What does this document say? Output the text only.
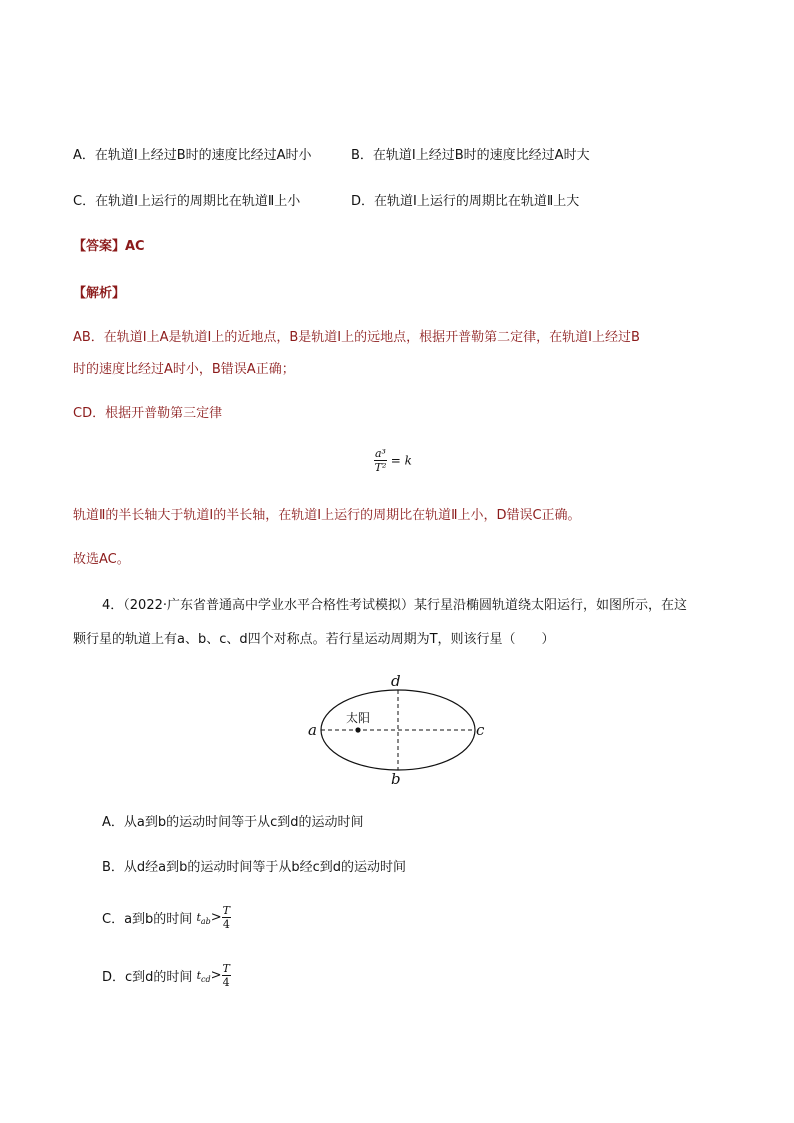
A．在轨道Ⅰ上经过B时的速度比经过A时小	B．在轨道Ⅰ上经过B时的速度比经过A时大
C．在轨道Ⅰ上运行的周期比在轨道Ⅱ上小	D．在轨道I上运行的周期比在轨道Ⅱ上大
【答案】AC
【解析】
AB．在轨道Ⅰ上A是轨道Ⅰ上的近地点，B是轨道Ⅰ上的远地点，根据开普勒第二定律，在轨道Ⅰ上经过B
时的速度比经过A时小，B错误A正确；
CD．根据开普勒第三定律
$\frac{\text{a³}}{\text{T²}} = k$
轨道Ⅱ的半长轴大于轨道Ⅰ的半长轴，在轨道Ⅰ上运行的周期比在轨道Ⅱ上小，D错误C正确。
故选AC。
4．（2022·广东省普通高中学业水平合格性考试模拟）某行星沿椭圆轨道绕太阳运行，如图所示，在这
颗行星的轨道上有a、b、c、d四个对称点。若行星运动周期为T，则该行星（　　）
太阳
d
a	c
b
A．从a到b的运动时间等于从c到d的运动时间
B．从d经a到b的运动时间等于从b经c到d的运动时间
C．a到b的时间 $t_{ab}> \frac{T}{4}$
D．c到d的时间 $t_{cd}> \frac{T}{4}$
